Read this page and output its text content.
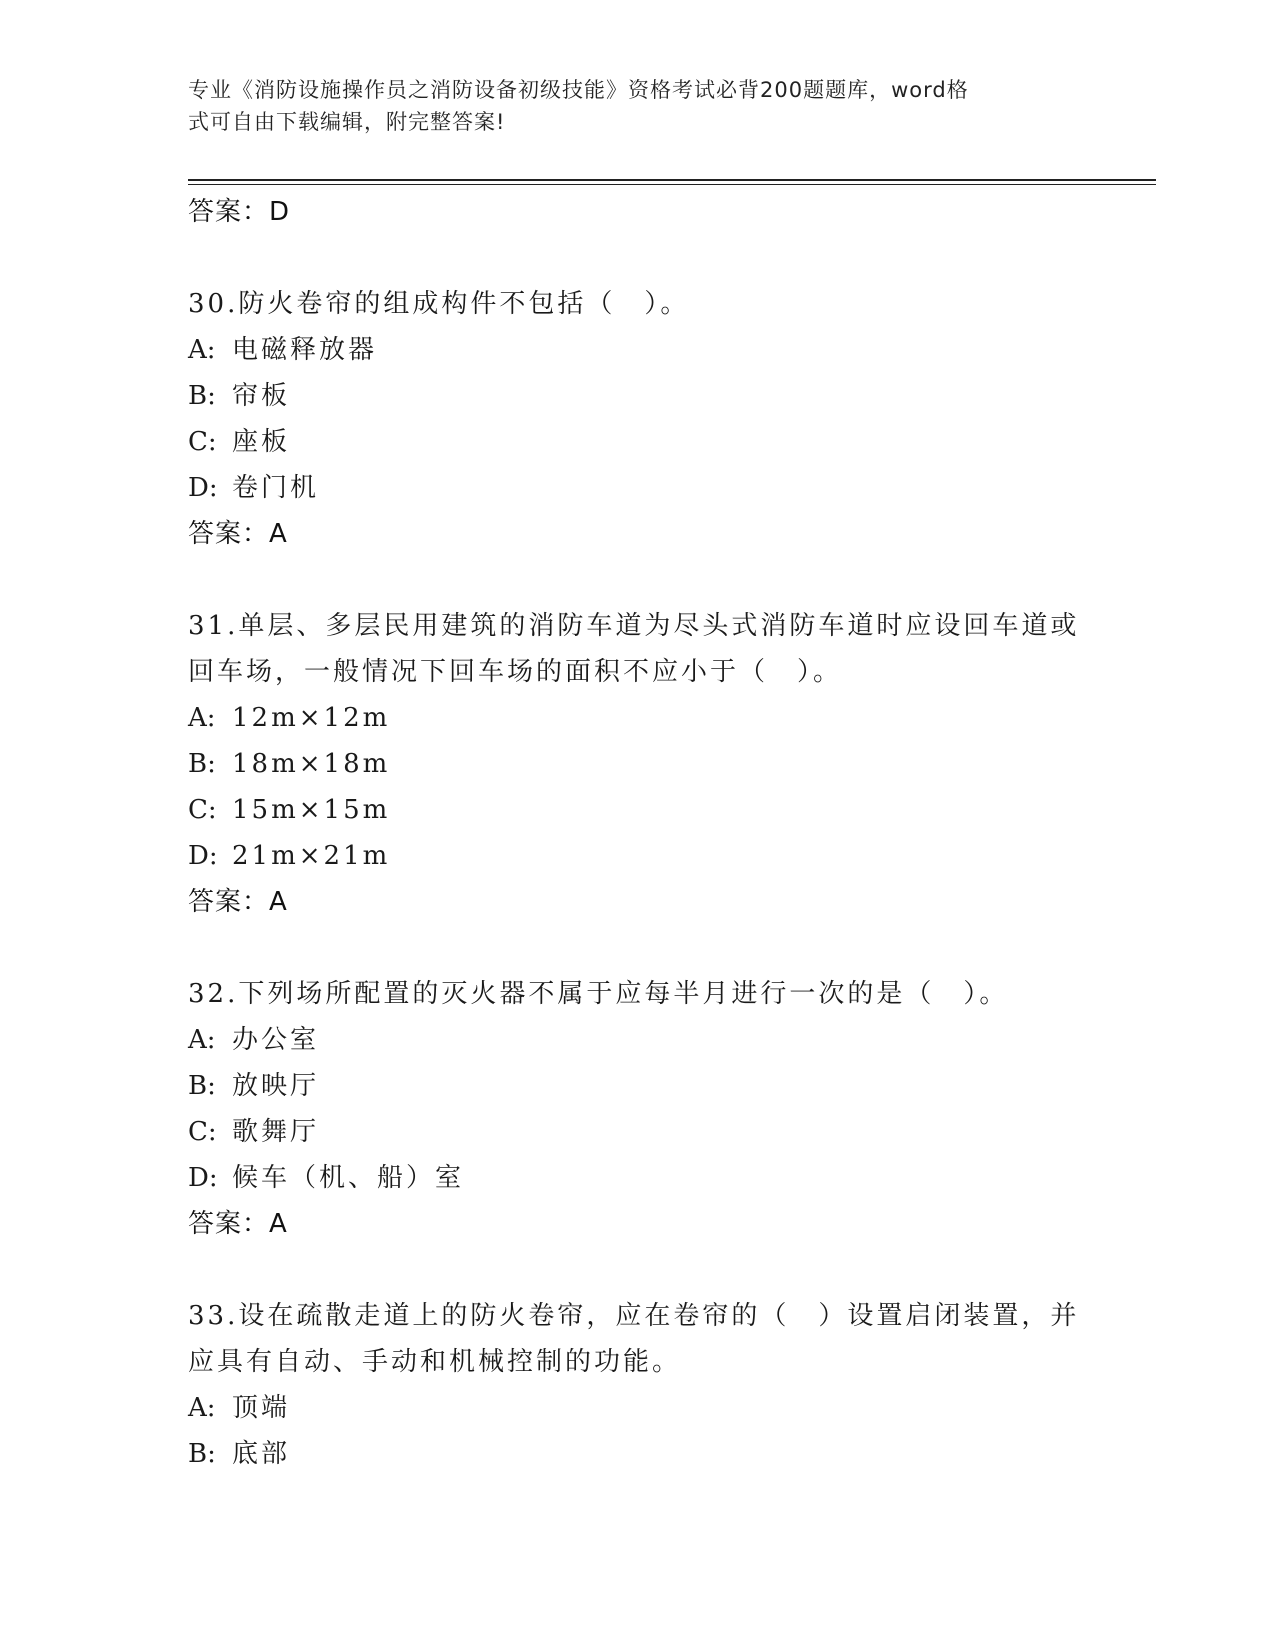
专业《消防设施操作员之消防设备初级技能》资格考试必背200题题库，word格
式可自由下载编辑，附完整答案!
答案：D
30.防火卷帘的组成构件不包括（　）。
A: 电磁释放器
B: 帘板
C: 座板
D: 卷门机
答案：A
31.单层、多层民用建筑的消防车道为尽头式消防车道时应设回车道或
回车场，一般情况下回车场的面积不应小于（　）。
A: 12m×12m
B: 18m×18m
C: 15m×15m
D: 21m×21m
答案：A
32.下列场所配置的灭火器不属于应每半月进行一次的是（　）。
A: 办公室
B: 放映厅
C: 歌舞厅
D: 候车（机、船）室
答案：A
33.设在疏散走道上的防火卷帘，应在卷帘的（　）设置启闭装置，并
应具有自动、手动和机械控制的功能。
A: 顶端
B: 底部
